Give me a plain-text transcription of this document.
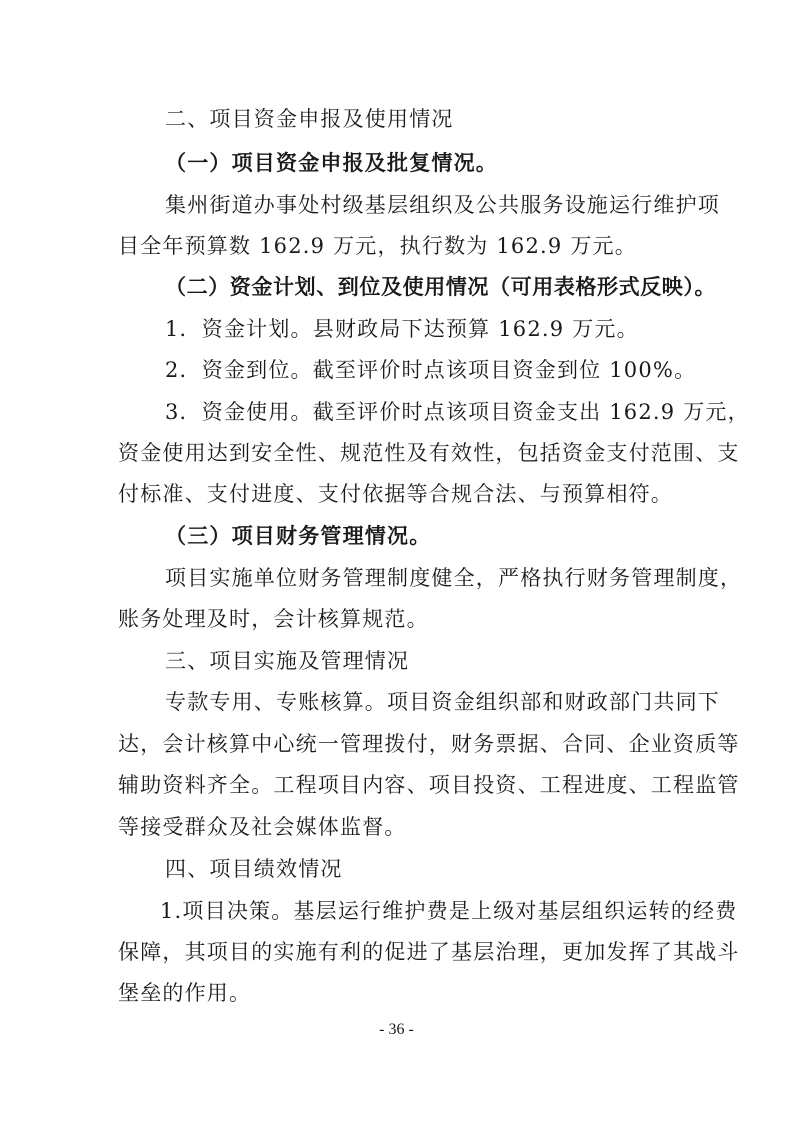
二、项目资金申报及使用情况
（一）项目资金申报及批复情况。
集州街道办事处村级基层组织及公共服务设施运行维护项
目全年预算数 162.9 万元，执行数为 162.9 万元。
（二）资金计划、到位及使用情况（可用表格形式反映）。
1．资金计划。县财政局下达预算 162.9 万元。
2．资金到位。截至评价时点该项目资金到位 100%。
3．资金使用。截至评价时点该项目资金支出 162.9 万元，
资金使用达到安全性、规范性及有效性，包括资金支付范围、支
付标准、支付进度、支付依据等合规合法、与预算相符。
（三）项目财务管理情况。
项目实施单位财务管理制度健全，严格执行财务管理制度，
账务处理及时，会计核算规范。
三、项目实施及管理情况
专款专用、专账核算。项目资金组织部和财政部门共同下
达，会计核算中心统一管理拨付，财务票据、合同、企业资质等
辅助资料齐全。工程项目内容、项目投资、工程进度、工程监管
等接受群众及社会媒体监督。
四、项目绩效情况
1.项目决策。基层运行维护费是上级对基层组织运转的经费
保障，其项目的实施有利的促进了基层治理，更加发挥了其战斗
堡垒的作用。
- 36 -
